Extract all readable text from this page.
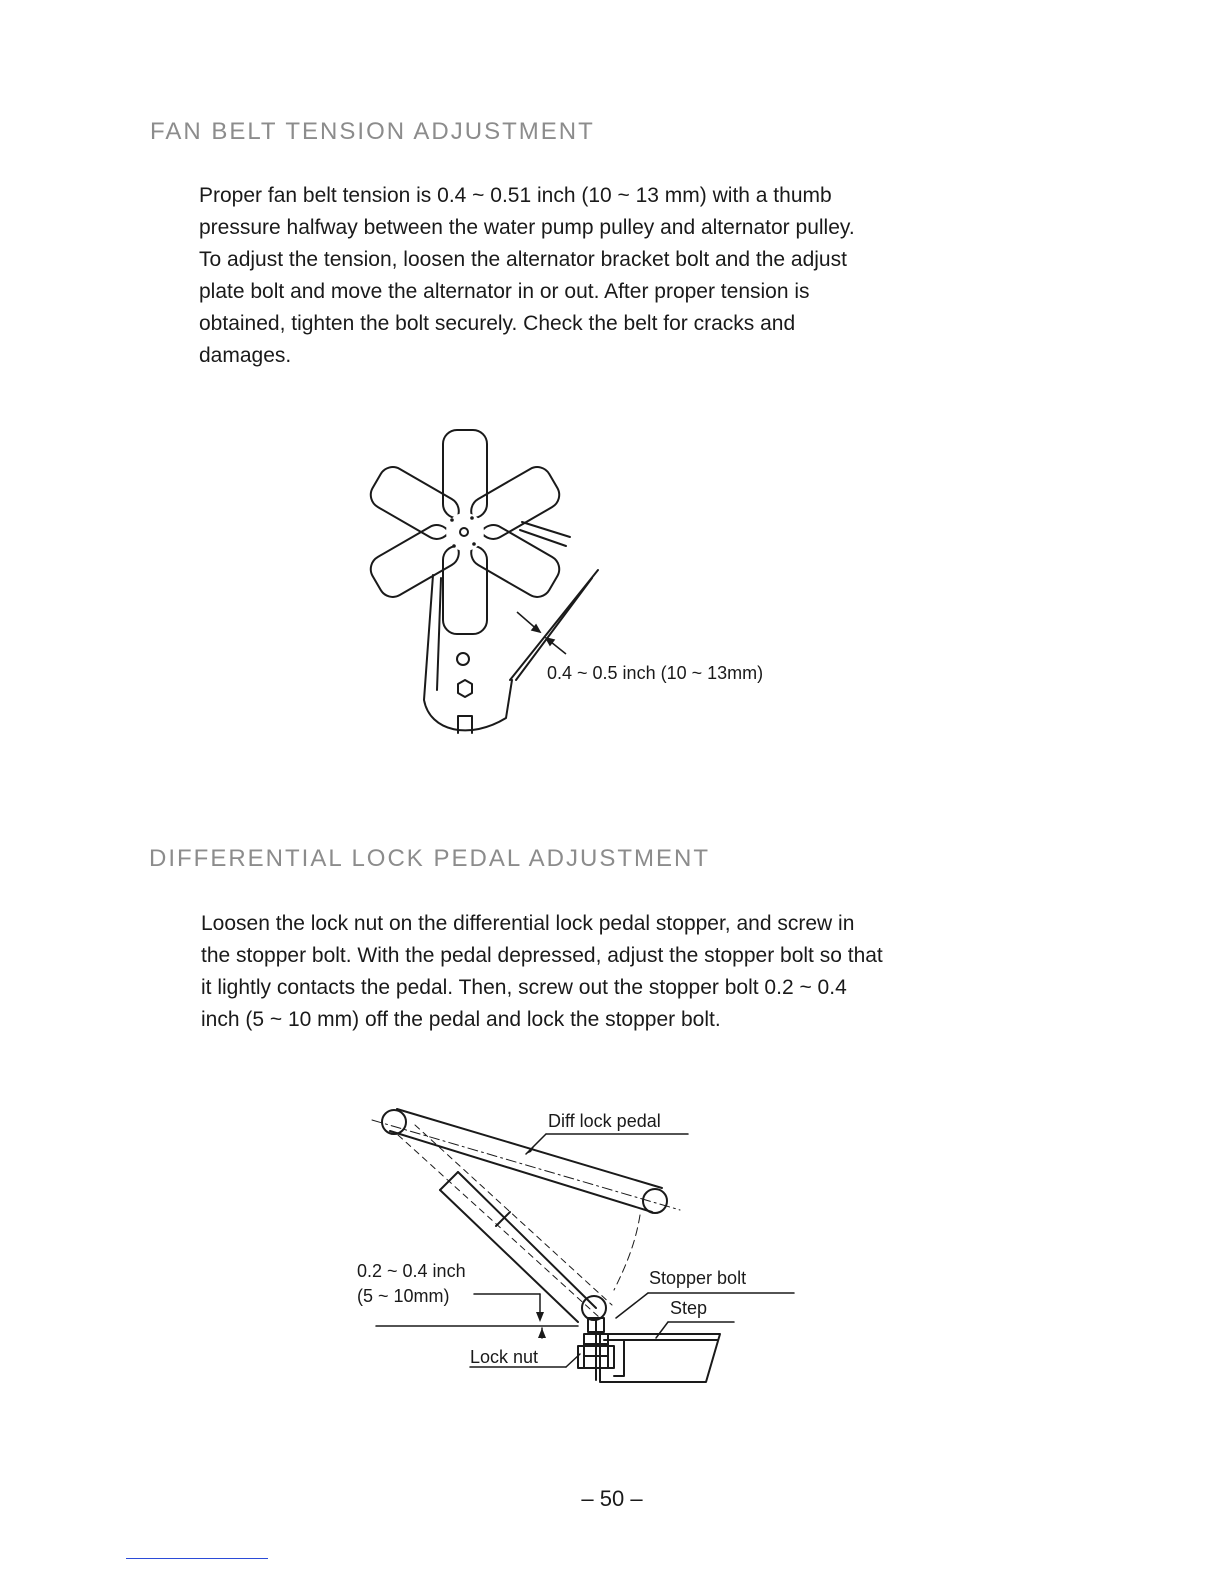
FAN BELT TENSION ADJUSTMENT
Proper fan belt tension is 0.4 ~ 0.51 inch (10 ~ 13 mm) with a thumb
pressure halfway between the water pump pulley and alternator pulley.
To adjust the tension, loosen the alternator bracket bolt and the adjust
plate bolt and move the alternator in or out. After proper tension is
obtained, tighten the bolt securely. Check the belt for cracks and
damages.
0.4 ~ 0.5 inch (10 ~ 13mm)
DIFFERENTIAL LOCK PEDAL ADJUSTMENT
Loosen the lock nut on the differential lock pedal stopper, and screw in
the stopper bolt. With the pedal depressed, adjust the stopper bolt so that
it lightly contacts the pedal. Then, screw out the stopper bolt 0.2 ~ 0.4
inch (5 ~ 10 mm) off the pedal and lock the stopper bolt.
Diff lock pedal
0.2 ~ 0.4 inch
(5 ~ 10mm)
Stopper bolt
Step
Lock nut

– 50 –
